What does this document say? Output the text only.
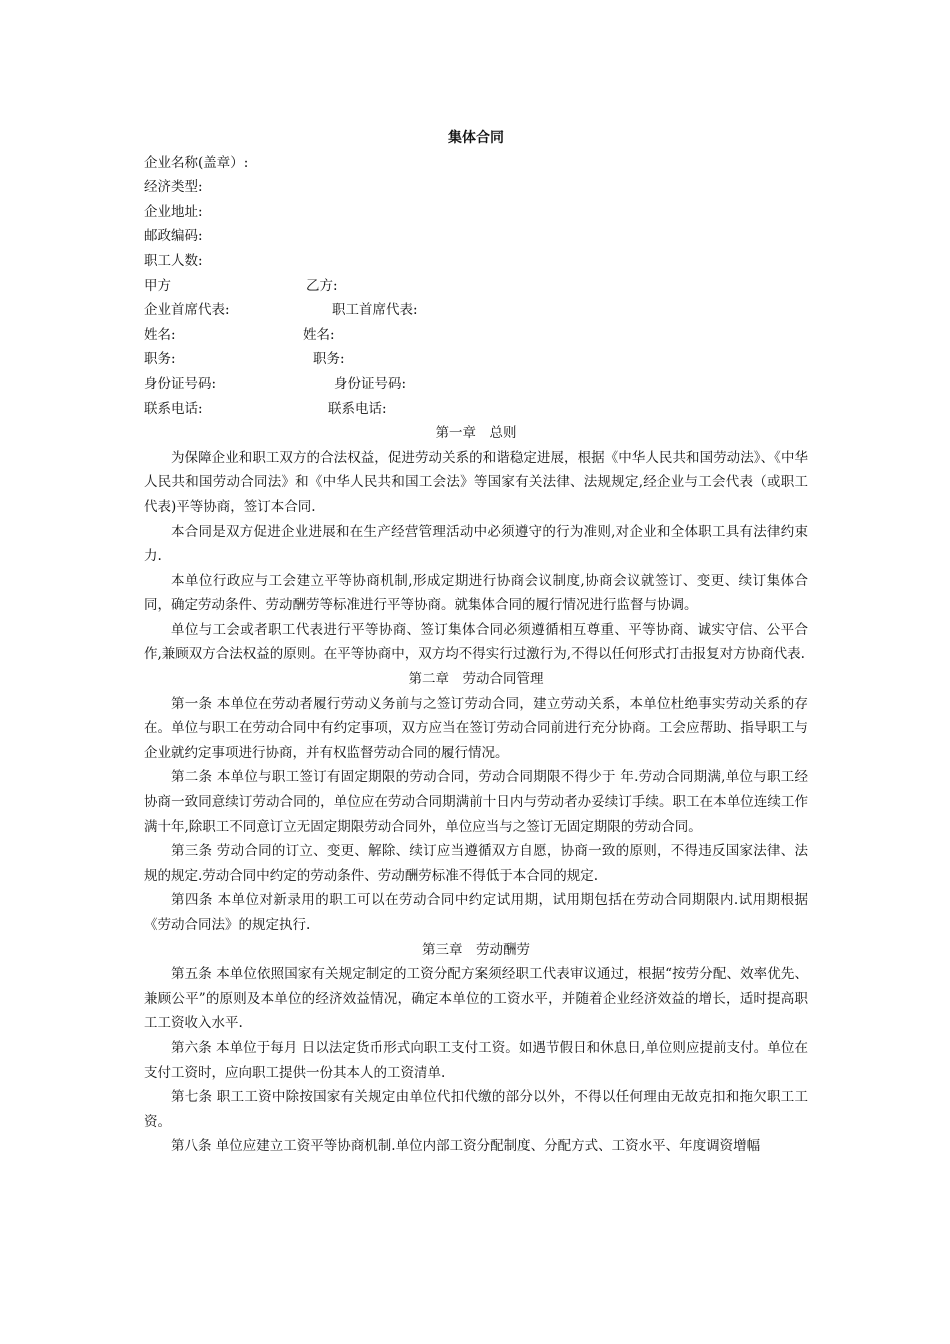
集体合同
企业名称(盖章）:
经济类型:
企业地址:
邮政编码:
职工人数:
甲方	乙方:
企业首席代表:	职工首席代表:
姓名:	姓名:
职务:	职务:
身份证号码:	身份证号码:
联系电话:	联系电话:
第一章　总则

为保障企业和职工双方的合法权益，促进劳动关系的和谐稳定进展，根据《中华人民共和国劳动法》、《中华人民共和国劳动合同法》和《中华人民共和国工会法》等国家有关法律、法规规定,经企业与工会代表（或职工代表)平等协商，签订本合同.

本合同是双方促进企业进展和在生产经营管理活动中必须遵守的行为准则,对企业和全体职工具有法律约束力.

本单位行政应与工会建立平等协商机制,形成定期进行协商会议制度,协商会议就签订、变更、续订集体合同，确定劳动条件、劳动酬劳等标准进行平等协商。就集体合同的履行情况进行监督与协调。

单位与工会或者职工代表进行平等协商、签订集体合同必须遵循相互尊重、平等协商、诚实守信、公平合作,兼顾双方合法权益的原则。在平等协商中，双方均不得实行过激行为,不得以任何形式打击报复对方协商代表.

第二章　劳动合同管理

第一条 本单位在劳动者履行劳动义务前与之签订劳动合同，建立劳动关系，本单位杜绝事实劳动关系的存在。单位与职工在劳动合同中有约定事项，双方应当在签订劳动合同前进行充分协商。工会应帮助、指导职工与企业就约定事项进行协商，并有权监督劳动合同的履行情况。

第二条 本单位与职工签订有固定期限的劳动合同，劳动合同期限不得少于 年.劳动合同期满,单位与职工经协商一致同意续订劳动合同的，单位应在劳动合同期满前十日内与劳动者办妥续订手续。职工在本单位连续工作满十年,除职工不同意订立无固定期限劳动合同外，单位应当与之签订无固定期限的劳动合同。

第三条 劳动合同的订立、变更、解除、续订应当遵循双方自愿，协商一致的原则，不得违反国家法律、法规的规定.劳动合同中约定的劳动条件、劳动酬劳标准不得低于本合同的规定.

第四条 本单位对新录用的职工可以在劳动合同中约定试用期，试用期包括在劳动合同期限内.试用期根据《劳动合同法》的规定执行.

第三章　劳动酬劳

第五条 本单位依照国家有关规定制定的工资分配方案须经职工代表审议通过，根据“按劳分配、效率优先、兼顾公平”的原则及本单位的经济效益情况，确定本单位的工资水平，并随着企业经济效益的增长，适时提高职工工资收入水平.

第六条 本单位于每月 日以法定货币形式向职工支付工资。如遇节假日和休息日,单位则应提前支付。单位在支付工资时，应向职工提供一份其本人的工资清单.

第七条 职工工资中除按国家有关规定由单位代扣代缴的部分以外，不得以任何理由无故克扣和拖欠职工工资。

第八条 单位应建立工资平等协商机制.单位内部工资分配制度、分配方式、工资水平、年度调资增幅
